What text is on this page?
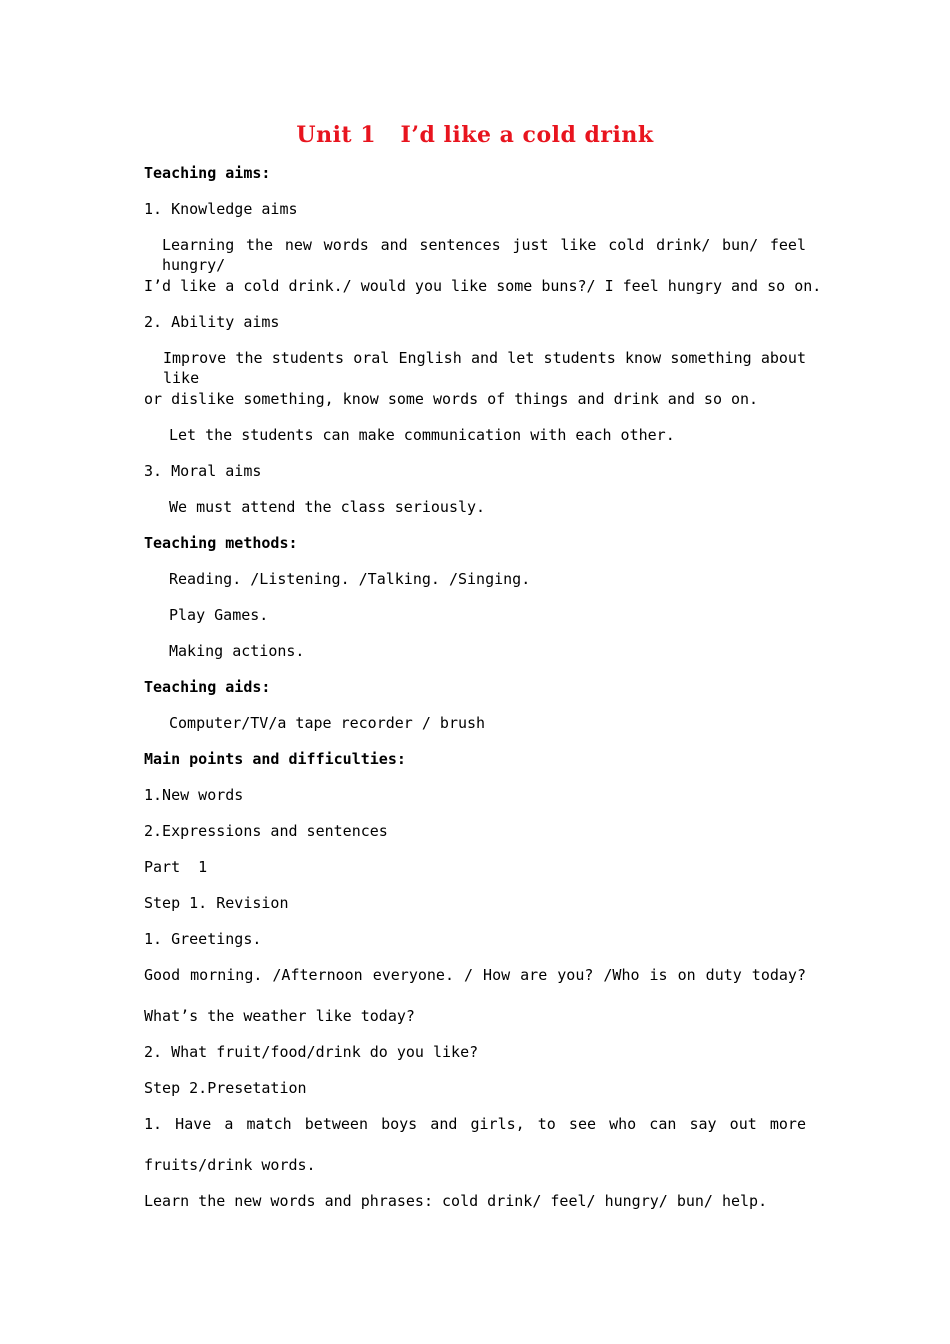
Unit 1   I’d like a cold drink
Teaching aims:
1. Knowledge aims
Learning the new words and sentences just like cold drink/ bun/ feel hungry/
I’d like a cold drink./ would you like some buns?/ I feel hungry and so on.
2. Ability aims
Improve the students oral English and let students know something about like
or dislike something, know some words of things and drink and so on.
Let the students can make communication with each other.
3. Moral aims
We must attend the class seriously.
Teaching methods:
Reading. /Listening. /Talking. /Singing.
Play Games.
Making actions.
Teaching aids:
Computer/TV/a tape recorder / brush
Main points and difficulties:
1.New words
2.Expressions and sentences
Part  1
Step 1. Revision
1. Greetings.
Good morning. /Afternoon everyone. / How are you? /Who is on duty today?
What’s the weather like today?
2. What fruit/food/drink do you like?
Step 2.Presetation
1. Have a match between boys and girls, to see who can say out more
fruits/drink words.
Learn the new words and phrases: cold drink/ feel/ hungry/ bun/ help.
